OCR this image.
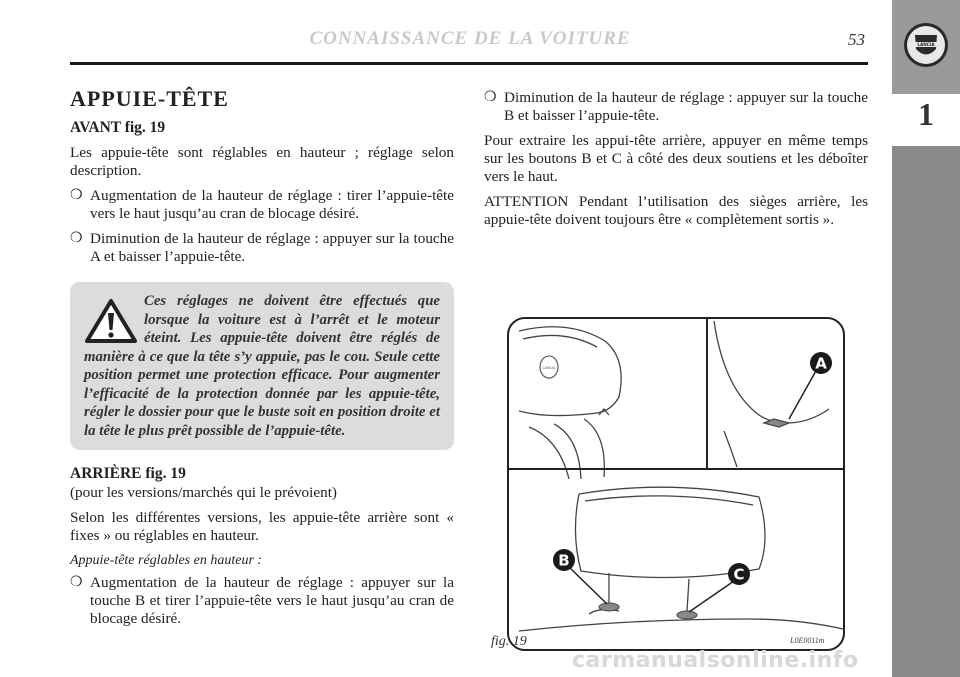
LANCIA
1
CONNAISSANCE DE LA VOITURE	53
APPUIE-TÊTE
AVANT fig. 19

Les appuie-tête sont réglables en hauteur ; réglage selon description.

❍ Augmentation de la hauteur de réglage : tirer l’appuie-tête vers le haut jusqu’au cran de blocage désiré.
❍ Diminution de la hauteur de réglage : appuyer sur la touche A et baisser l’appuie-tête.
Ces réglages ne doivent être effectués que lorsque la voiture est à l’arrêt et le moteur éteint. Les appuie-tête doivent être réglés de manière à ce que la tête s’y appuie, pas le cou. Seule cette position permet une protection efficace. Pour augmenter l’efficacité de la protection donnée par les appuie-tête, régler le dossier pour que le buste soit en position droite et la tête le plus prêt possible de l’appuie-tête.
ARRIÈRE fig. 19

(pour les versions/marchés qui le prévoient)

Selon les différentes versions, les appuie-tête arrière sont « fixes » ou réglables en hauteur.

Appuie-tête réglables en hauteur :
❍ Augmentation de la hauteur de réglage : appuyer sur la touche B et tirer l’appuie-tête vers le haut jusqu’au cran de blocage désiré.
❍ Diminution de la hauteur de réglage : appuyer sur la touche B et baisser l’appuie-tête.

Pour extraire les appui-tête arrière, appuyer en même temps sur les boutons B et C à côté des deux soutiens et les déboîter vers le haut.

ATTENTION Pendant l’utilisation des sièges arrière, les appuie-tête doivent toujours être « complètement sortis ».

LANCIA	A
B
C
fig. 19	L0E0011m
carmanualsonline.info
